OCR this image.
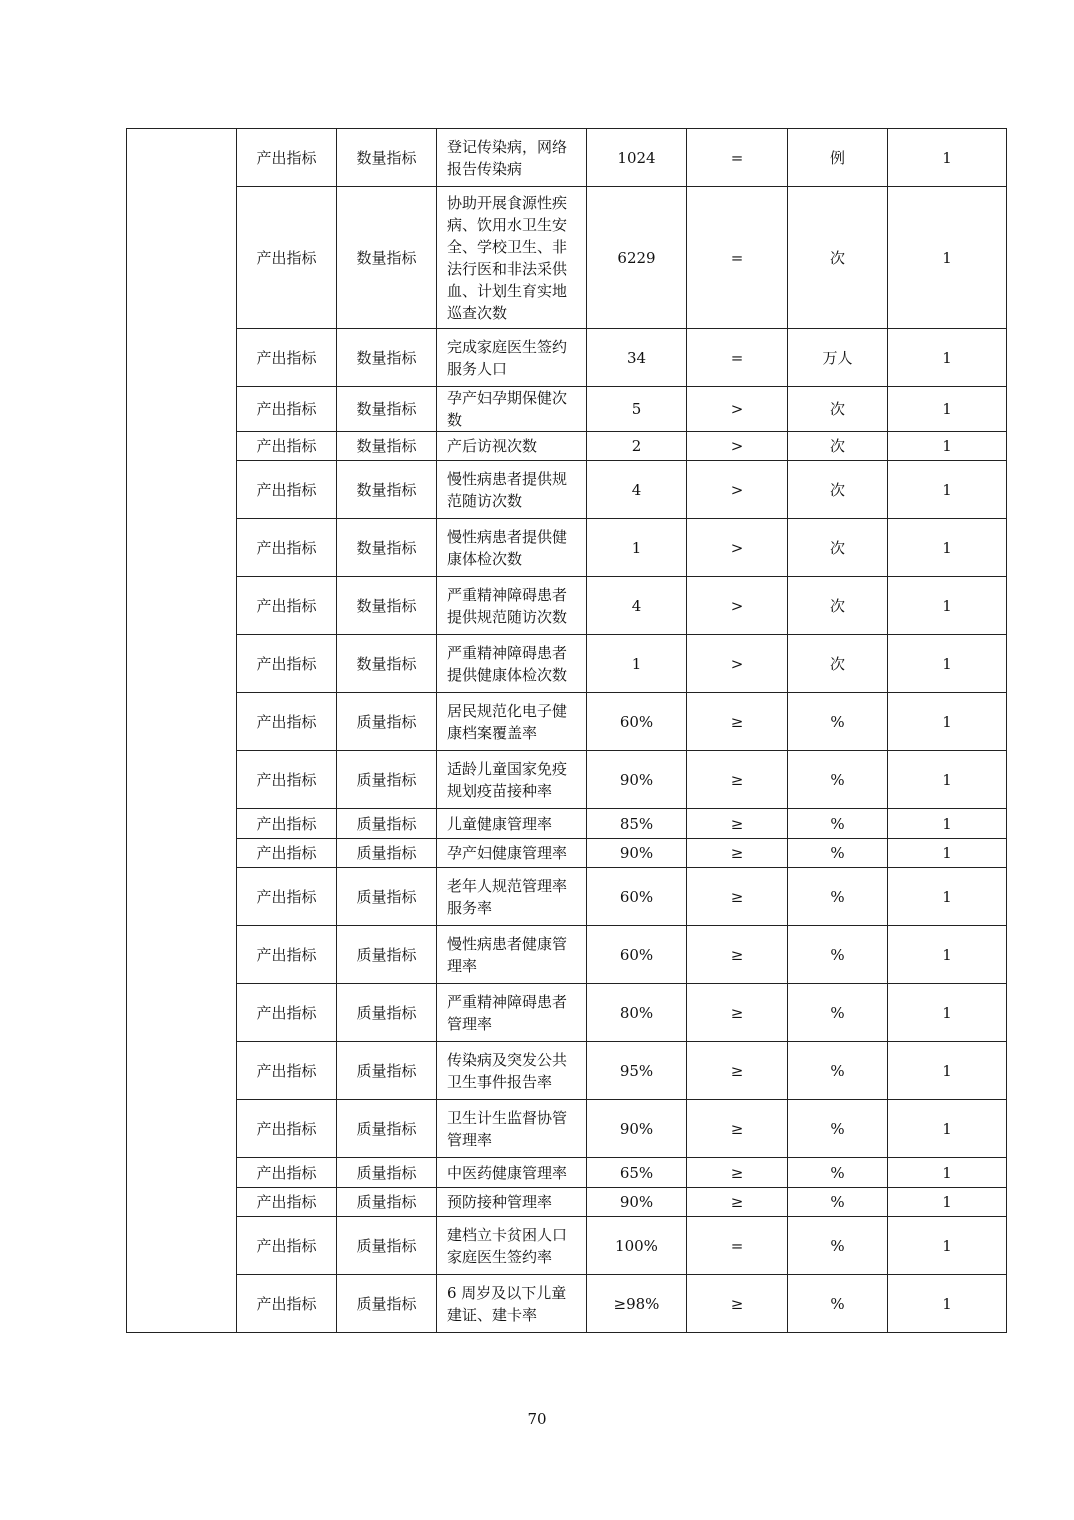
	产出指标	数量指标	登记传染病，网络报告传染病	1024	=	例	1
	产出指标	数量指标	协助开展食源性疾病、饮用水卫生安全、学校卫生、非法行医和非法采供血、计划生育实地巡查次数	6229	=	次	1
	产出指标	数量指标	完成家庭医生签约服务人口	34	=	万人	1
	产出指标	数量指标	孕产妇孕期保健次数	5	>	次	1
	产出指标	数量指标	产后访视次数	2	>	次	1
	产出指标	数量指标	慢性病患者提供规范随访次数	4	>	次	1
	产出指标	数量指标	慢性病患者提供健康体检次数	1	>	次	1
	产出指标	数量指标	严重精神障碍患者提供规范随访次数	4	>	次	1
	产出指标	数量指标	严重精神障碍患者提供健康体检次数	1	>	次	1
	产出指标	质量指标	居民规范化电子健康档案覆盖率	60%	≥	%	1
	产出指标	质量指标	适龄儿童国家免疫规划疫苗接种率	90%	≥	%	1
	产出指标	质量指标	儿童健康管理率	85%	≥	%	1
	产出指标	质量指标	孕产妇健康管理率	90%	≥	%	1
	产出指标	质量指标	老年人规范管理率服务率	60%	≥	%	1
	产出指标	质量指标	慢性病患者健康管理率	60%	≥	%	1
	产出指标	质量指标	严重精神障碍患者管理率	80%	≥	%	1
	产出指标	质量指标	传染病及突发公共卫生事件报告率	95%	≥	%	1
	产出指标	质量指标	卫生计生监督协管管理率	90%	≥	%	1
	产出指标	质量指标	中医药健康管理率	65%	≥	%	1
	产出指标	质量指标	预防接种管理率	90%	≥	%	1
	产出指标	质量指标	建档立卡贫困人口家庭医生签约率	100%	=	%	1
	产出指标	质量指标	6 周岁及以下儿童建证、建卡率	≥98%	≥	%	1
70
